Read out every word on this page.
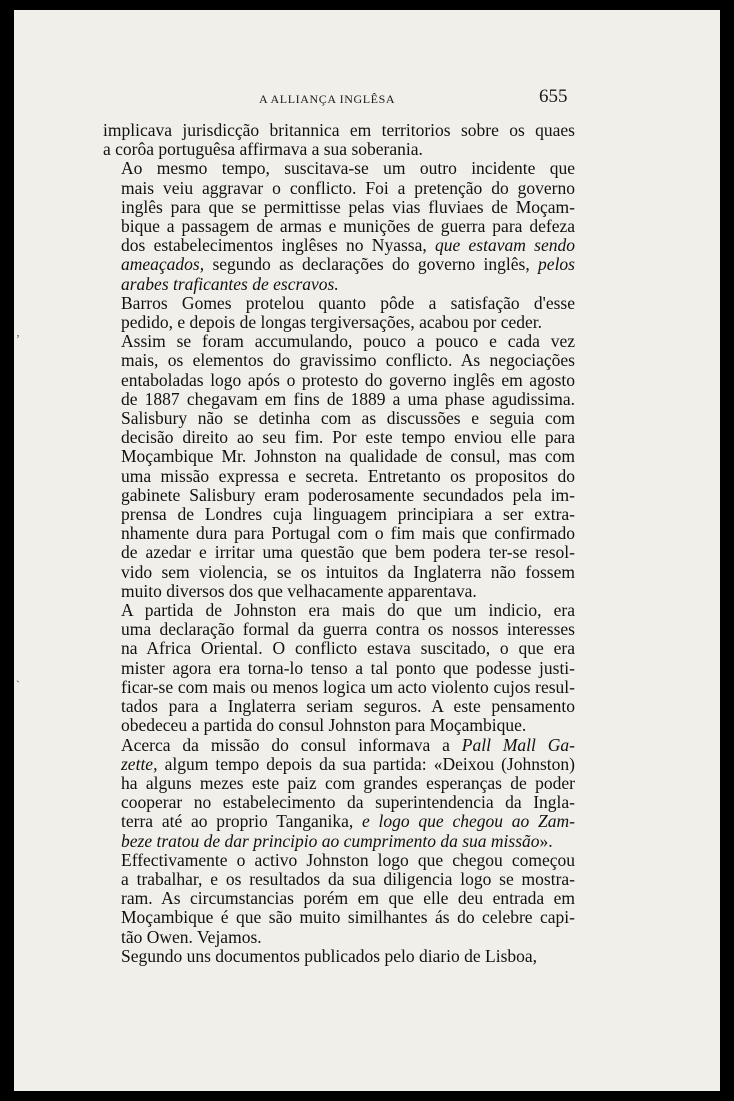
A ALLIANÇA INGLÊSA	655
ʼ
ˋ

implicava jurisdicção britannica em territorios sobre os quaes
a corôa portuguêsa affirmava a sua soberania.

Ao mesmo tempo, suscitava-se um outro incidente que
mais veiu aggravar o conflicto. Foi a pretenção do governo
inglês para que se permittisse pelas vias fluviaes de Moçam-
bique a passagem de armas e munições de guerra para defeza
dos estabelecimentos inglêses no Nyassa, que estavam sendo
ameaçados, segundo as declarações do governo inglês, pelos
arabes traficantes de escravos.

Barros Gomes protelou quanto pôde a satisfação d'esse
pedido, e depois de longas tergiversações, acabou por ceder.

Assim se foram accumulando, pouco a pouco e cada vez
mais, os elementos do gravissimo conflicto. As negociações
entaboladas logo após o protesto do governo inglês em agosto
de 1887 chegavam em fins de 1889 a uma phase agudissima.
Salisbury não se detinha com as discussões e seguia com
decisão direito ao seu fim. Por este tempo enviou elle para
Moçambique Mr. Johnston na qualidade de consul, mas com
uma missão expressa e secreta. Entretanto os propositos do
gabinete Salisbury eram poderosamente secundados pela im-
prensa de Londres cuja linguagem principiara a ser extra-
nhamente dura para Portugal com o fim mais que confirmado
de azedar e irritar uma questão que bem podera ter-se resol-
vido sem violencia, se os intuitos da Inglaterra não fossem
muito diversos dos que velhacamente apparentava.

A partida de Johnston era mais do que um indicio, era
uma declaração formal da guerra contra os nossos interesses
na Africa Oriental. O conflicto estava suscitado, o que era
mister agora era torna-lo tenso a tal ponto que podesse justi-
ficar-se com mais ou menos logica um acto violento cujos resul-
tados para a Inglaterra seriam seguros. A este pensamento
obedeceu a partida do consul Johnston para Moçambique.

Acerca da missão do consul informava a Pall Mall Ga-
zette, algum tempo depois da sua partida: «Deixou (Johnston)
ha alguns mezes este paiz com grandes esperanças de poder
cooperar no estabelecimento da superintendencia da Ingla-
terra até ao proprio Tanganika, e logo que chegou ao Zam-
beze tratou de dar principio ao cumprimento da sua missão».

Effectivamente o activo Johnston logo que chegou começou
a trabalhar, e os resultados da sua diligencia logo se mostra-
ram. As circumstancias porém em que elle deu entrada em
Moçambique é que são muito similhantes ás do celebre capi-
tão Owen. Vejamos.

Segundo uns documentos publicados pelo diario de Lisboa,
